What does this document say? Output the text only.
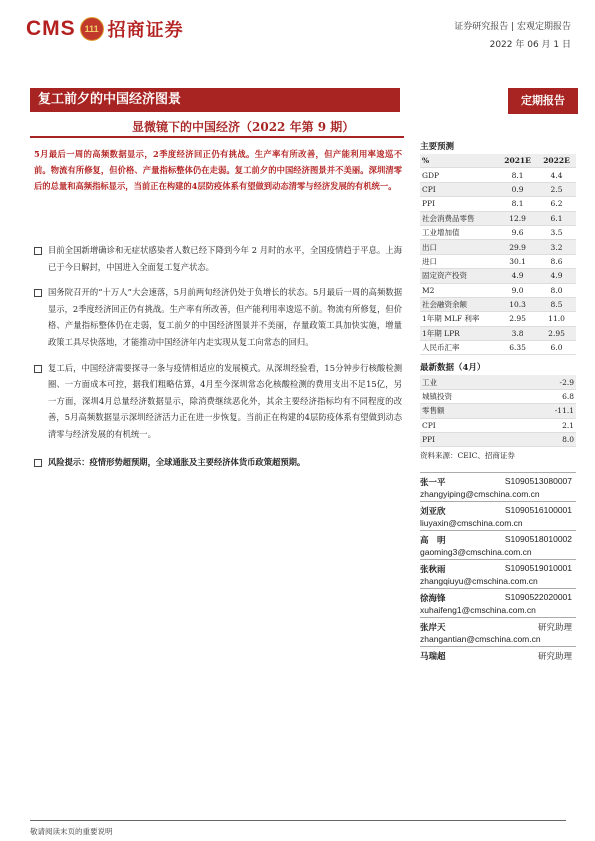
CMS 111 招商证券	证券研究报告 | 宏观定期报告
2022 年 06 月 1 日
复工前夕的中国经济图景	定期报告
显微镜下的中国经济（2022 年第 9 期）
5月最后一周的高频数据显示，2季度经济回正仍有挑战。生产率有所改善，但产能利用率逡巡不前。物流有所修复，但价格、产量指标整体仍在走弱。复工前夕的中国经济图景并不美丽。深圳清零后的总量和高频指标显示，当前正在构建的4层防疫体系有望做到动态清零与经济发展的有机统一。
目前全国新增确诊和无症状感染者人数已经下降到今年 2 月时的水平，全国疫情趋于平息。上海已于今日解封，中国进入全面复工复产状态。
国务院召开的“十万人”大会速落，5月前两旬经济仍处于负增长的状态。5月最后一周的高频数据显示，2季度经济回正仍有挑战。生产率有所改善，但产能利用率逡巡不前。物流有所修复，但价格、产量指标整体仍在走弱，复工前夕的中国经济图景并不美丽，存量政策工具加快实施，增量政策工具尽快落地，才能推动中国经济年内走实现从复工向常态的回归。
复工后，中国经济需要探寻一条与疫情相适应的发展模式。从深圳经验看，15分钟步行核酸检测圈、一方面成本可控，据我们粗略估算，4月至今深圳常态化核酸检测的费用支出不足15亿，另一方面，深圳4月总量经济数据显示，除消费继续恶化外，其余主要经济指标均有不同程度的改善，5月高频数据显示深圳经济活力正在进一步恢复。当前正在构建的4层防疫体系有望做到动态清零与经济发展的有机统一。
风险提示：疫情形势超预期，全球通胀及主要经济体货币政策超预期。
主要预测
%	2021E	2022E
GDP	8.1	4.4
CPI	0.9	2.5
PPI	8.1	6.2
社会消费品零售	12.9	6.1
工业增加值	9.6	3.5
出口	29.9	3.2
进口	30.1	8.6
固定资产投资	4.9	4.9
M2	9.0	8.0
社会融资余额	10.3	8.5
1年期 MLF 利率	2.95	11.0
1年期 LPR	3.8	2.95
人民币汇率	6.35	6.0
最新数据（4月）
工业	-2.9
城镇投资	6.8
零售额	-11.1
CPI	2.1
PPI	8.0
资料来源：CEIC、招商证券
张一平	S1090513080007
zhangyiping@cmschina.com.cn
刘亚欣	S1090516100001
liuyaxin@cmschina.com.cn
高　明	S1090518010002
gaoming3@cmschina.com.cn
张秋雨	S1090519010001
zhangqiuyu@cmschina.com.cn
徐海锋	S1090522020001
xuhaifeng1@cmschina.com.cn
张岸天	研究助理
zhangantian@cmschina.com.cn
马瑞超	研究助理
敬请阅读末页的重要说明
